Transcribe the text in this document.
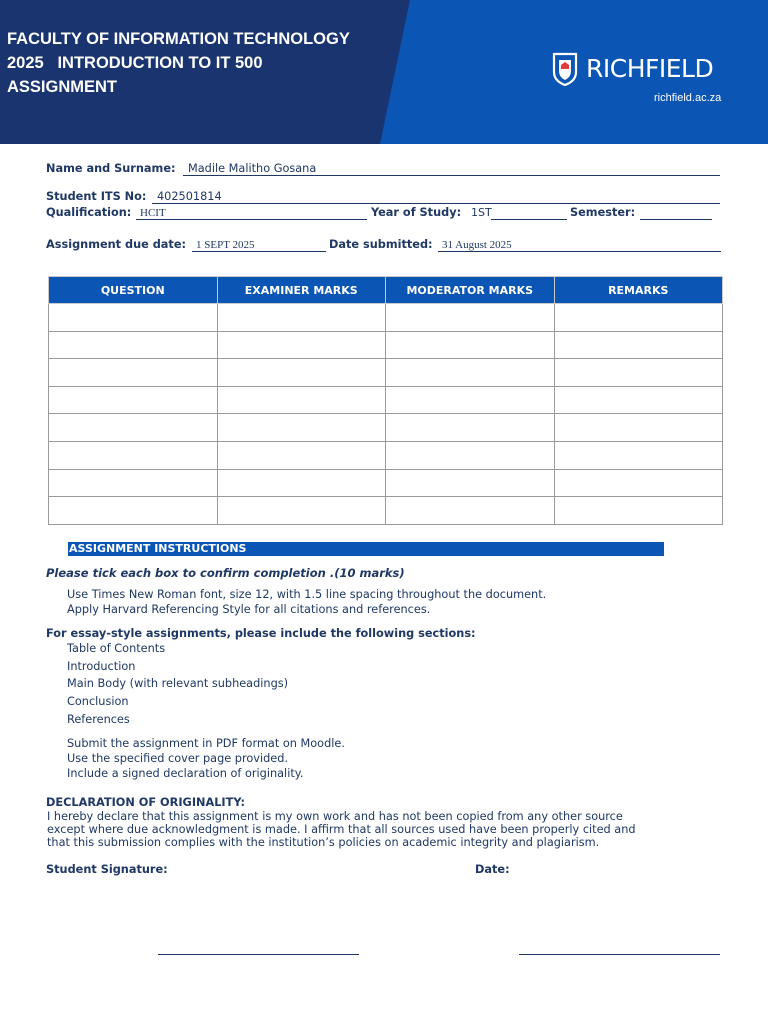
FACULTY OF INFORMATION TECHNOLOGY
2025   INTRODUCTION TO IT 500
ASSIGNMENT
RICHFIELD
richfield.ac.za
Name and Surname: Madile Malitho Gosana
Student ITS No: 402501814
Qualification: HCIT	Year of Study: 1ST	Semester:
Assignment due date: 1 SEPT 2025	Date submitted: 31 August 2025
QUESTION	EXAMINER MARKS	MODERATOR MARKS	REMARKS

ASSIGNMENT INSTRUCTIONS
Please tick each box to confirm completion .(10 marks)
Use Times New Roman font, size 12, with 1.5 line spacing throughout the document.
Apply Harvard Referencing Style for all citations and references.
For essay-style assignments, please include the following sections:
Table of Contents
Introduction
Main Body (with relevant subheadings)
Conclusion
References
Submit the assignment in PDF format on Moodle.
Use the specified cover page provided.
Include a signed declaration of originality.
DECLARATION OF ORIGINALITY:
I hereby declare that this assignment is my own work and has not been copied from any other source
except where due acknowledgment is made. I affirm that all sources used have been properly cited and
that this submission complies with the institution’s policies on academic integrity and plagiarism.
Student Signature:	Date:
